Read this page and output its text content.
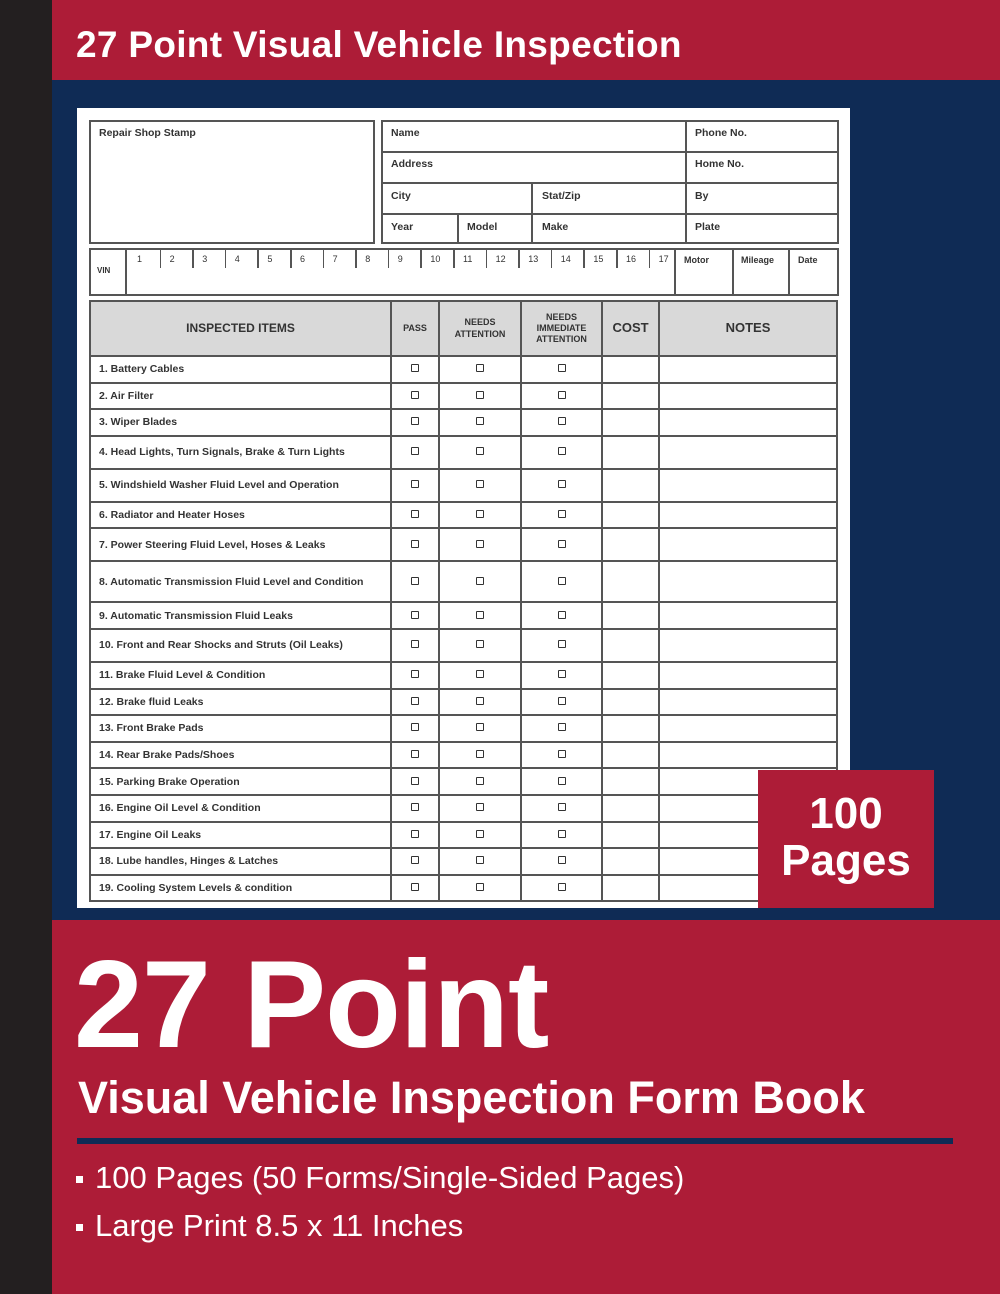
27 Point Visual Vehicle Inspection
Repair Shop Stamp	Name	Phone No.
Address	Home No.
City	Stat/Zip	By
Year	Model	Make	Plate
VIN
1	2	3	4	5	6	7	8	9	10	11	12	13	14	15	16	17 Motor	Mileage	Date
INSPECTED ITEMS	PASS	NEEDS ATTENTION	NEEDS IMMEDIATE ATTENTION	COST	NOTES
1. Battery Cables					
2. Air Filter					
3. Wiper Blades					
4. Head Lights, Turn Signals, Brake & Turn Lights					
5. Windshield Washer Fluid Level and Operation					
6. Radiator and Heater Hoses					
7. Power Steering Fluid Level, Hoses & Leaks					
8. Automatic Transmission Fluid Level and Condition					
9. Automatic Transmission Fluid Leaks					
10. Front and Rear Shocks and Struts (Oil Leaks)					
11. Brake Fluid Level & Condition					
12. Brake fluid Leaks					
13. Front Brake Pads					
14. Rear Brake Pads/Shoes					
15. Parking Brake Operation					
16. Engine Oil Level & Condition					
17. Engine Oil Leaks					
18. Lube handles, Hinges & Latches					
19. Cooling System Levels & condition					
100
Pages
27 Point
Visual Vehicle Inspection Form Book
100 Pages (50 Forms/Single-Sided Pages)
Large Print 8.5 x 11 Inches
